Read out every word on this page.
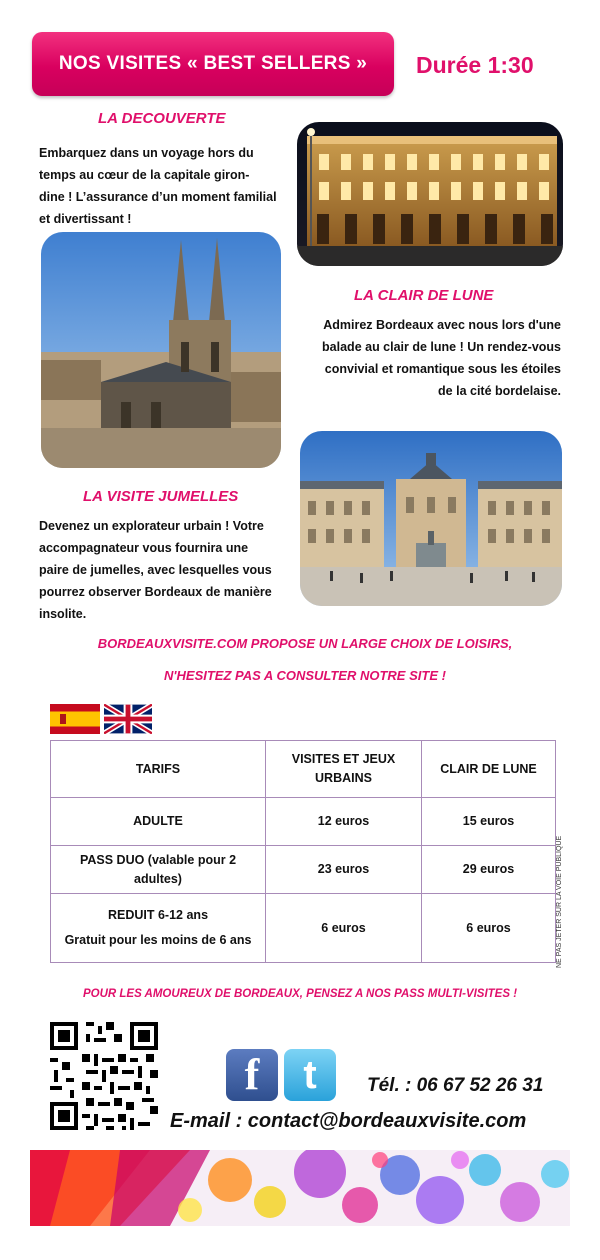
NOS VISITES « BEST SELLERS » Durée 1:30
LA DECOUVERTE
Embarquez dans un voyage hors du
temps au cœur de la capitale giron-
dine ! L’assurance d’un moment familial
et divertissant !
LA CLAIR DE LUNE
Admirez Bordeaux avec nous lors d'une
balade au clair de lune ! Un rendez-vous
convivial et romantique sous les étoiles
de la cité bordelaise.
LA VISITE JUMELLES
Devenez un explorateur urbain ! Votre
accompagnateur vous fournira une
paire de jumelles, avec lesquelles vous
pourrez observer Bordeaux de manière
insolite.
BORDEAUXVISITE.COM PROPOSE UN LARGE CHOIX DE LOISIRS,
N'HESITEZ PAS A CONSULTER NOTRE SITE !
TARIFS	VISITES ET JEUX URBAINS	CLAIR DE LUNE
ADULTE	12 euros	15 euros
PASS DUO (valable pour 2 adultes)	23 euros	29 euros

REDUIT 6-12 ans
Gratuit pour les moins de 6 ans	6 euros	6 euros	NE PAS JETER SUR LA VOIE PUBLIQUE
POUR LES AMOUREUX DE BORDEAUX, PENSEZ A NOS PASS MULTI-VISITES !
f t	Tél. : 06 67 52 26 31
E-mail : contact@bordeauxvisite.com
